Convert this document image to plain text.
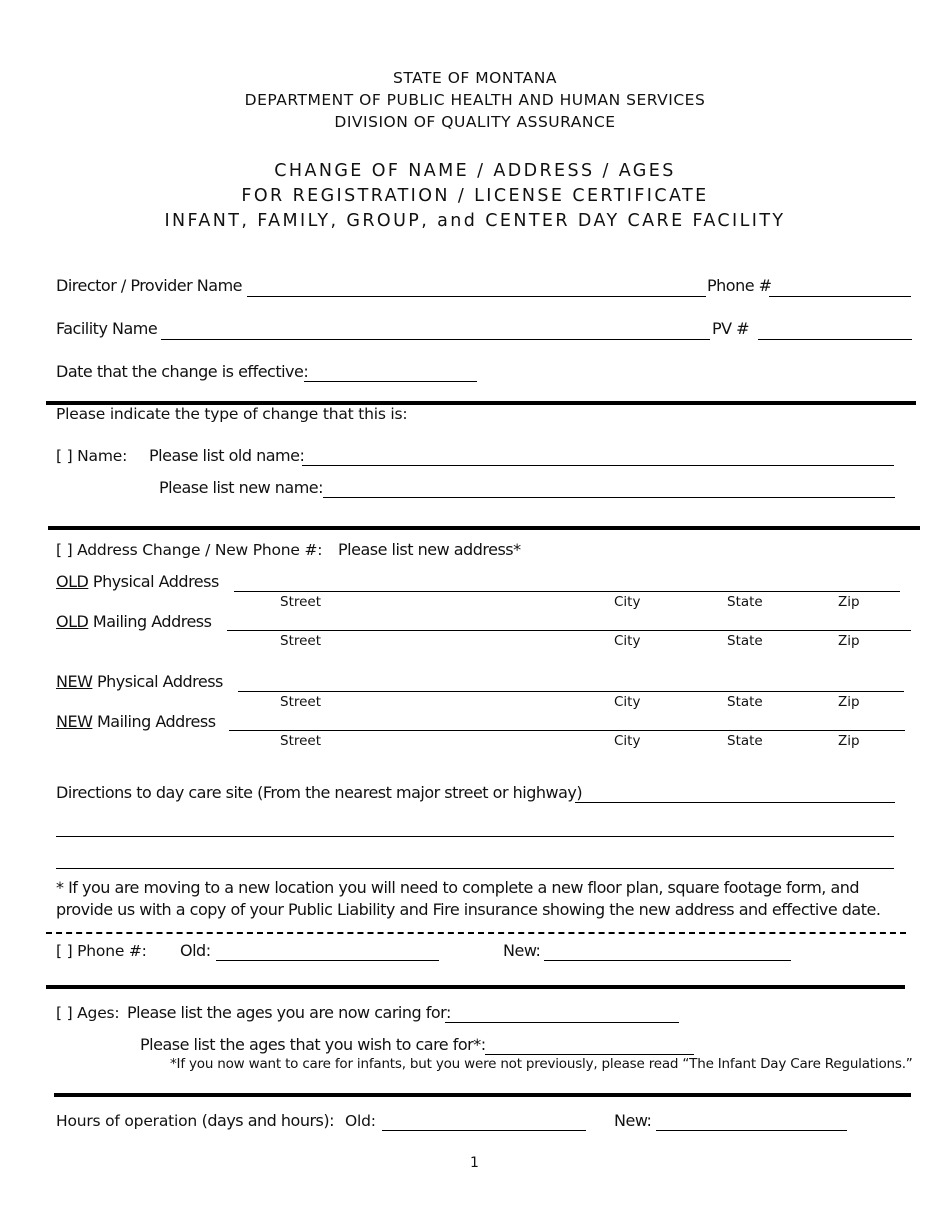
STATE OF MONTANA
DEPARTMENT OF PUBLIC HEALTH AND HUMAN SERVICES
DIVISION OF QUALITY ASSURANCE
CHANGE OF NAME / ADDRESS / AGES
FOR REGISTRATION / LICENSE CERTIFICATE
INFANT, FAMILY, GROUP, and CENTER DAY CARE FACILITY
Director / Provider Name	Phone #
Facility Name	PV #
Date that the change is effective:
Please indicate the type of change that this is:
[ ] Name: Please list old name:
Please list new name:
[ ] Address Change / New Phone #: Please list new address*
OLD Physical Address
Street	City	State	Zip
OLD Mailing Address
Street	City	State	Zip
NEW Physical Address
Street	City	State	Zip
NEW Mailing Address
Street	City	State	Zip
Directions to day care site (From the nearest major street or highway)
* If you are moving to a new location you will need to complete a new floor plan, square footage form, and
provide us with a copy of your Public Liability and Fire insurance showing the new address and effective date.
[ ] Phone #: Old:	New:
[ ] Ages: Please list the ages you are now caring for:
Please list the ages that you wish to care for*:
*If you now want to care for infants, but you were not previously, please read “The Infant Day Care Regulations.”
Hours of operation (days and hours): Old:	New:
1
